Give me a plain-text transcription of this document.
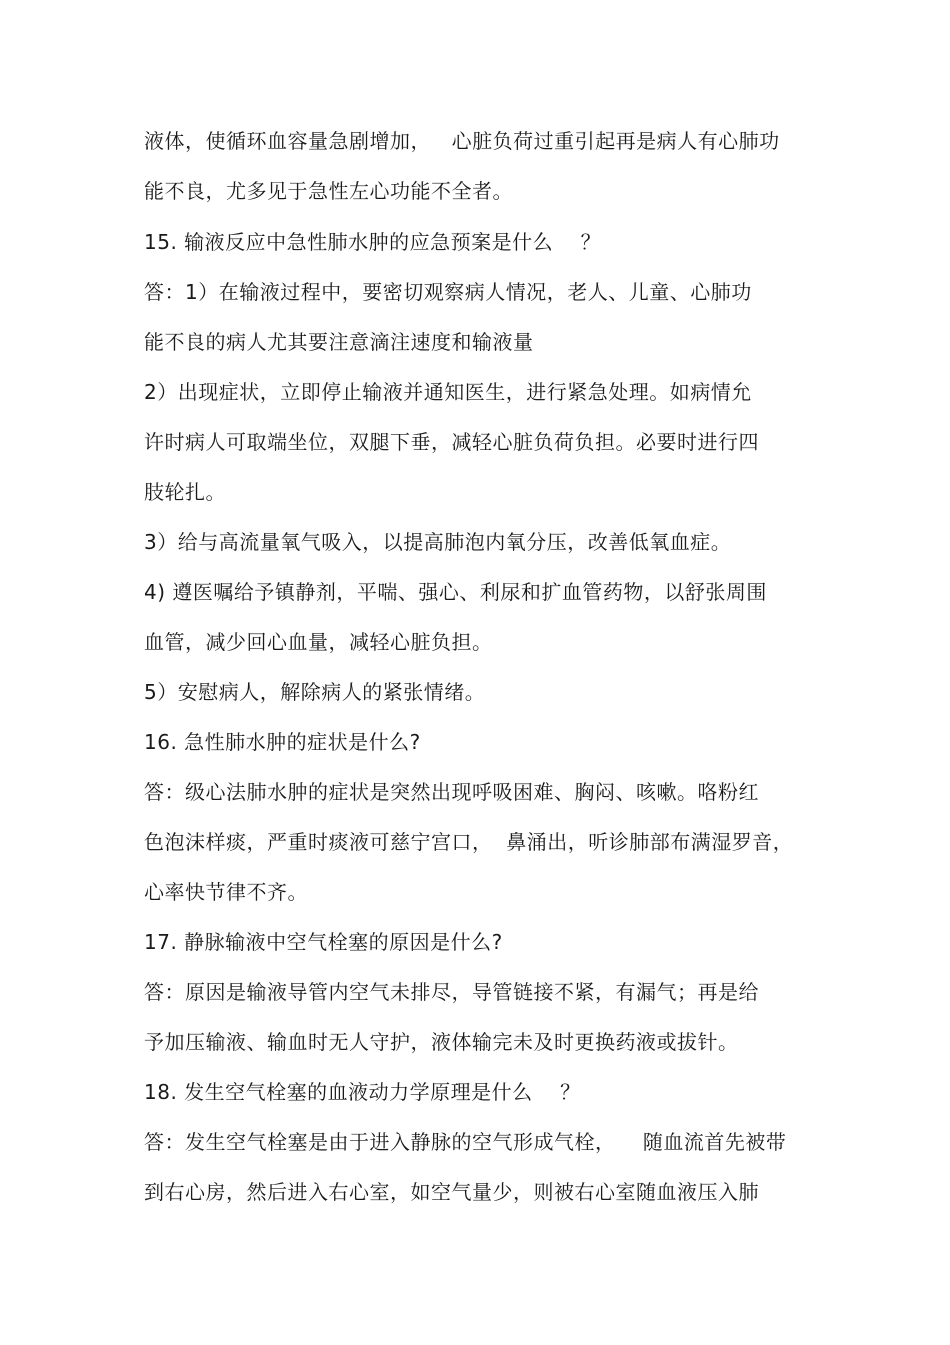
液体，使循环血容量急剧增加，   心脏负荷过重引起再是病人有心肺功
能不良，尤多见于急性左心功能不全者。
15. 输液反应中急性肺水肿的应急预案是什么    ？
答：1）在输液过程中，要密切观察病人情况，老人、儿童、心肺功
能不良的病人尤其要注意滴注速度和输液量
2）出现症状，立即停止输液并通知医生，进行紧急处理。如病情允
许时病人可取端坐位，双腿下垂，减轻心脏负荷负担。必要时进行四
肢轮扎。
3）给与高流量氧气吸入，以提高肺泡内氧分压，改善低氧血症。
4) 遵医嘱给予镇静剂，平喘、强心、利尿和扩血管药物，以舒张周围
血管，减少回心血量，减轻心脏负担。
5）安慰病人，解除病人的紧张情绪。
16. 急性肺水肿的症状是什么?
答：级心法肺水肿的症状是突然出现呼吸困难、胸闷、咳嗽。咯粉红
色泡沫样痰，严重时痰液可慈宁宫口，  鼻涌出，听诊肺部布满湿罗音，
心率快节律不齐。
17. 静脉输液中空气栓塞的原因是什么?
答：原因是输液导管内空气未排尽，导管链接不紧，有漏气；再是给
予加压输液、输血时无人守护，液体输完未及时更换药液或拔针。
18. 发生空气栓塞的血液动力学原理是什么    ？
答：发生空气栓塞是由于进入静脉的空气形成气栓，    随血流首先被带
到右心房，然后进入右心室，如空气量少，则被右心室随血液压入肺
